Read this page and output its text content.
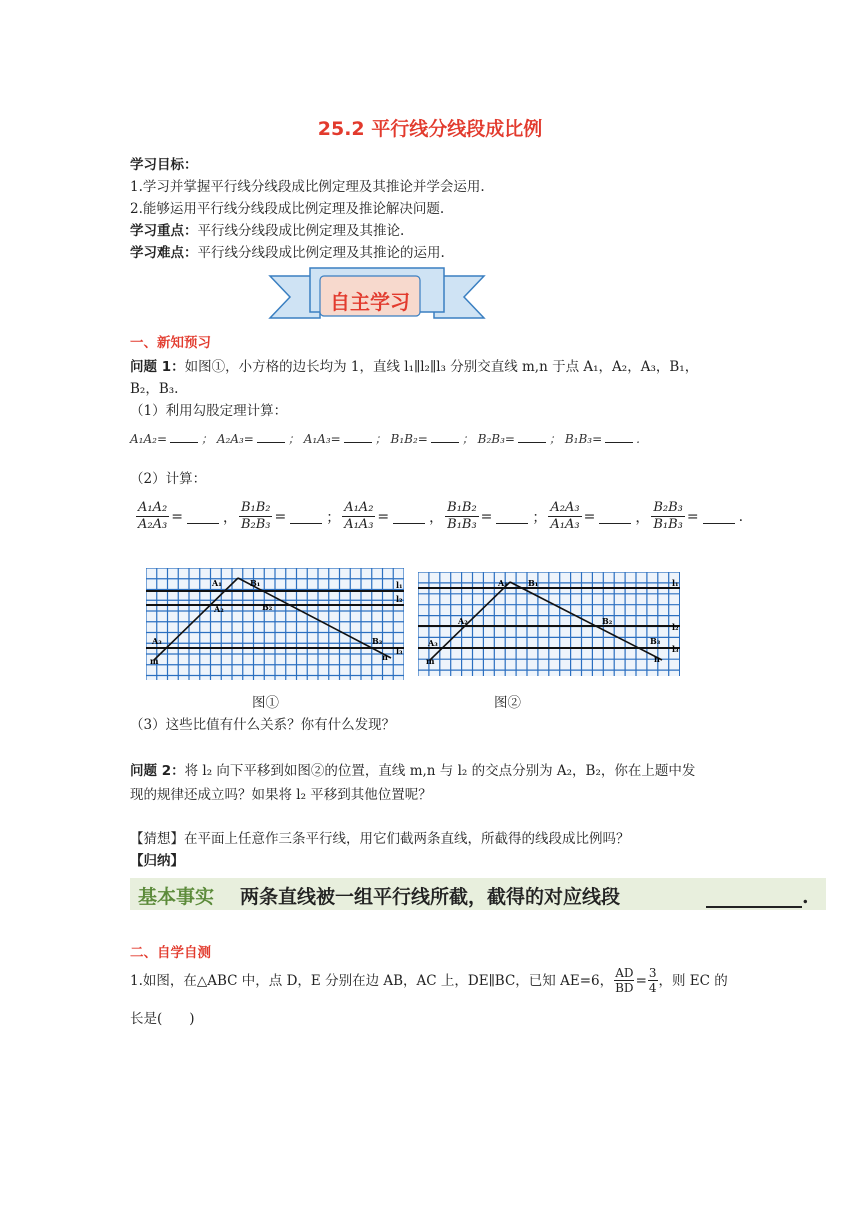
25.2 平行线分线段成比例
学习目标：
1.学习并掌握平行线分线段成比例定理及其推论并学会运用.
2.能够运用平行线分线段成比例定理及推论解决问题.
学习重点：平行线分线段成比例定理及其推论.
学习难点：平行线分线段成比例定理及其推论的运用.
自主学习
一、新知预习
问题 1：如图①，小方格的边长均为 1，直线 l₁∥l₂∥l₃ 分别交直线 m,n 于点 A₁，A₂，A₃，B₁，
B₂，B₃.
（1）利用勾股定理计算：
A₁A₂=	； A₂A₃=	； A₁A₃=	； B₁B₂=	； B₂B₃=	； B₁B₃=	.
（2）计算：
$\frac{\text{A₁A₂}}{\text{A₂A₃}}$ =	， $\frac{\text{B₁B₂}}{\text{B₂B₃}}$ =	； $\frac{\text{A₁A₂}}{\text{A₁A₃}}$ =	， $\frac{\text{B₁B₂}}{\text{B₁B₃}}$ =	； $\frac{\text{A₂A₃}}{\text{A₁A₃}}$ =	， $\frac{\text{B₂B₃}}{\text{B₁B₃}}$ =	.
A₁	B₁
A₂	B₂
A₃	B₃
l₁
l₂
l₃
m	n
A₁	B₁
A₂	B₂
A₃	B₃
l₁
l₂
l₃
m	n
图①	图②
（3）这些比值有什么关系？你有什么发现？
问题 2：将 l₂ 向下平移到如图②的位置，直线 m,n 与 l₂ 的交点分别为 A₂，B₂，你在上题中发
现的规律还成立吗？如果将 l₂ 平移到其他位置呢？
【猜想】在平面上任意作三条平行线，用它们截两条直线，所截得的线段成比例吗？
【归纳】
基本事实 两条直线被一组平行线所截，截得的对应线段	.
二、自学自测
1.如图，在△ABC 中，点 D，E 分别在边 AB，AC 上，DE∥BC，已知 AE=6， $\frac{AD}{BD} = \frac{3}{4}$ ，则 EC 的
长是(　　)
